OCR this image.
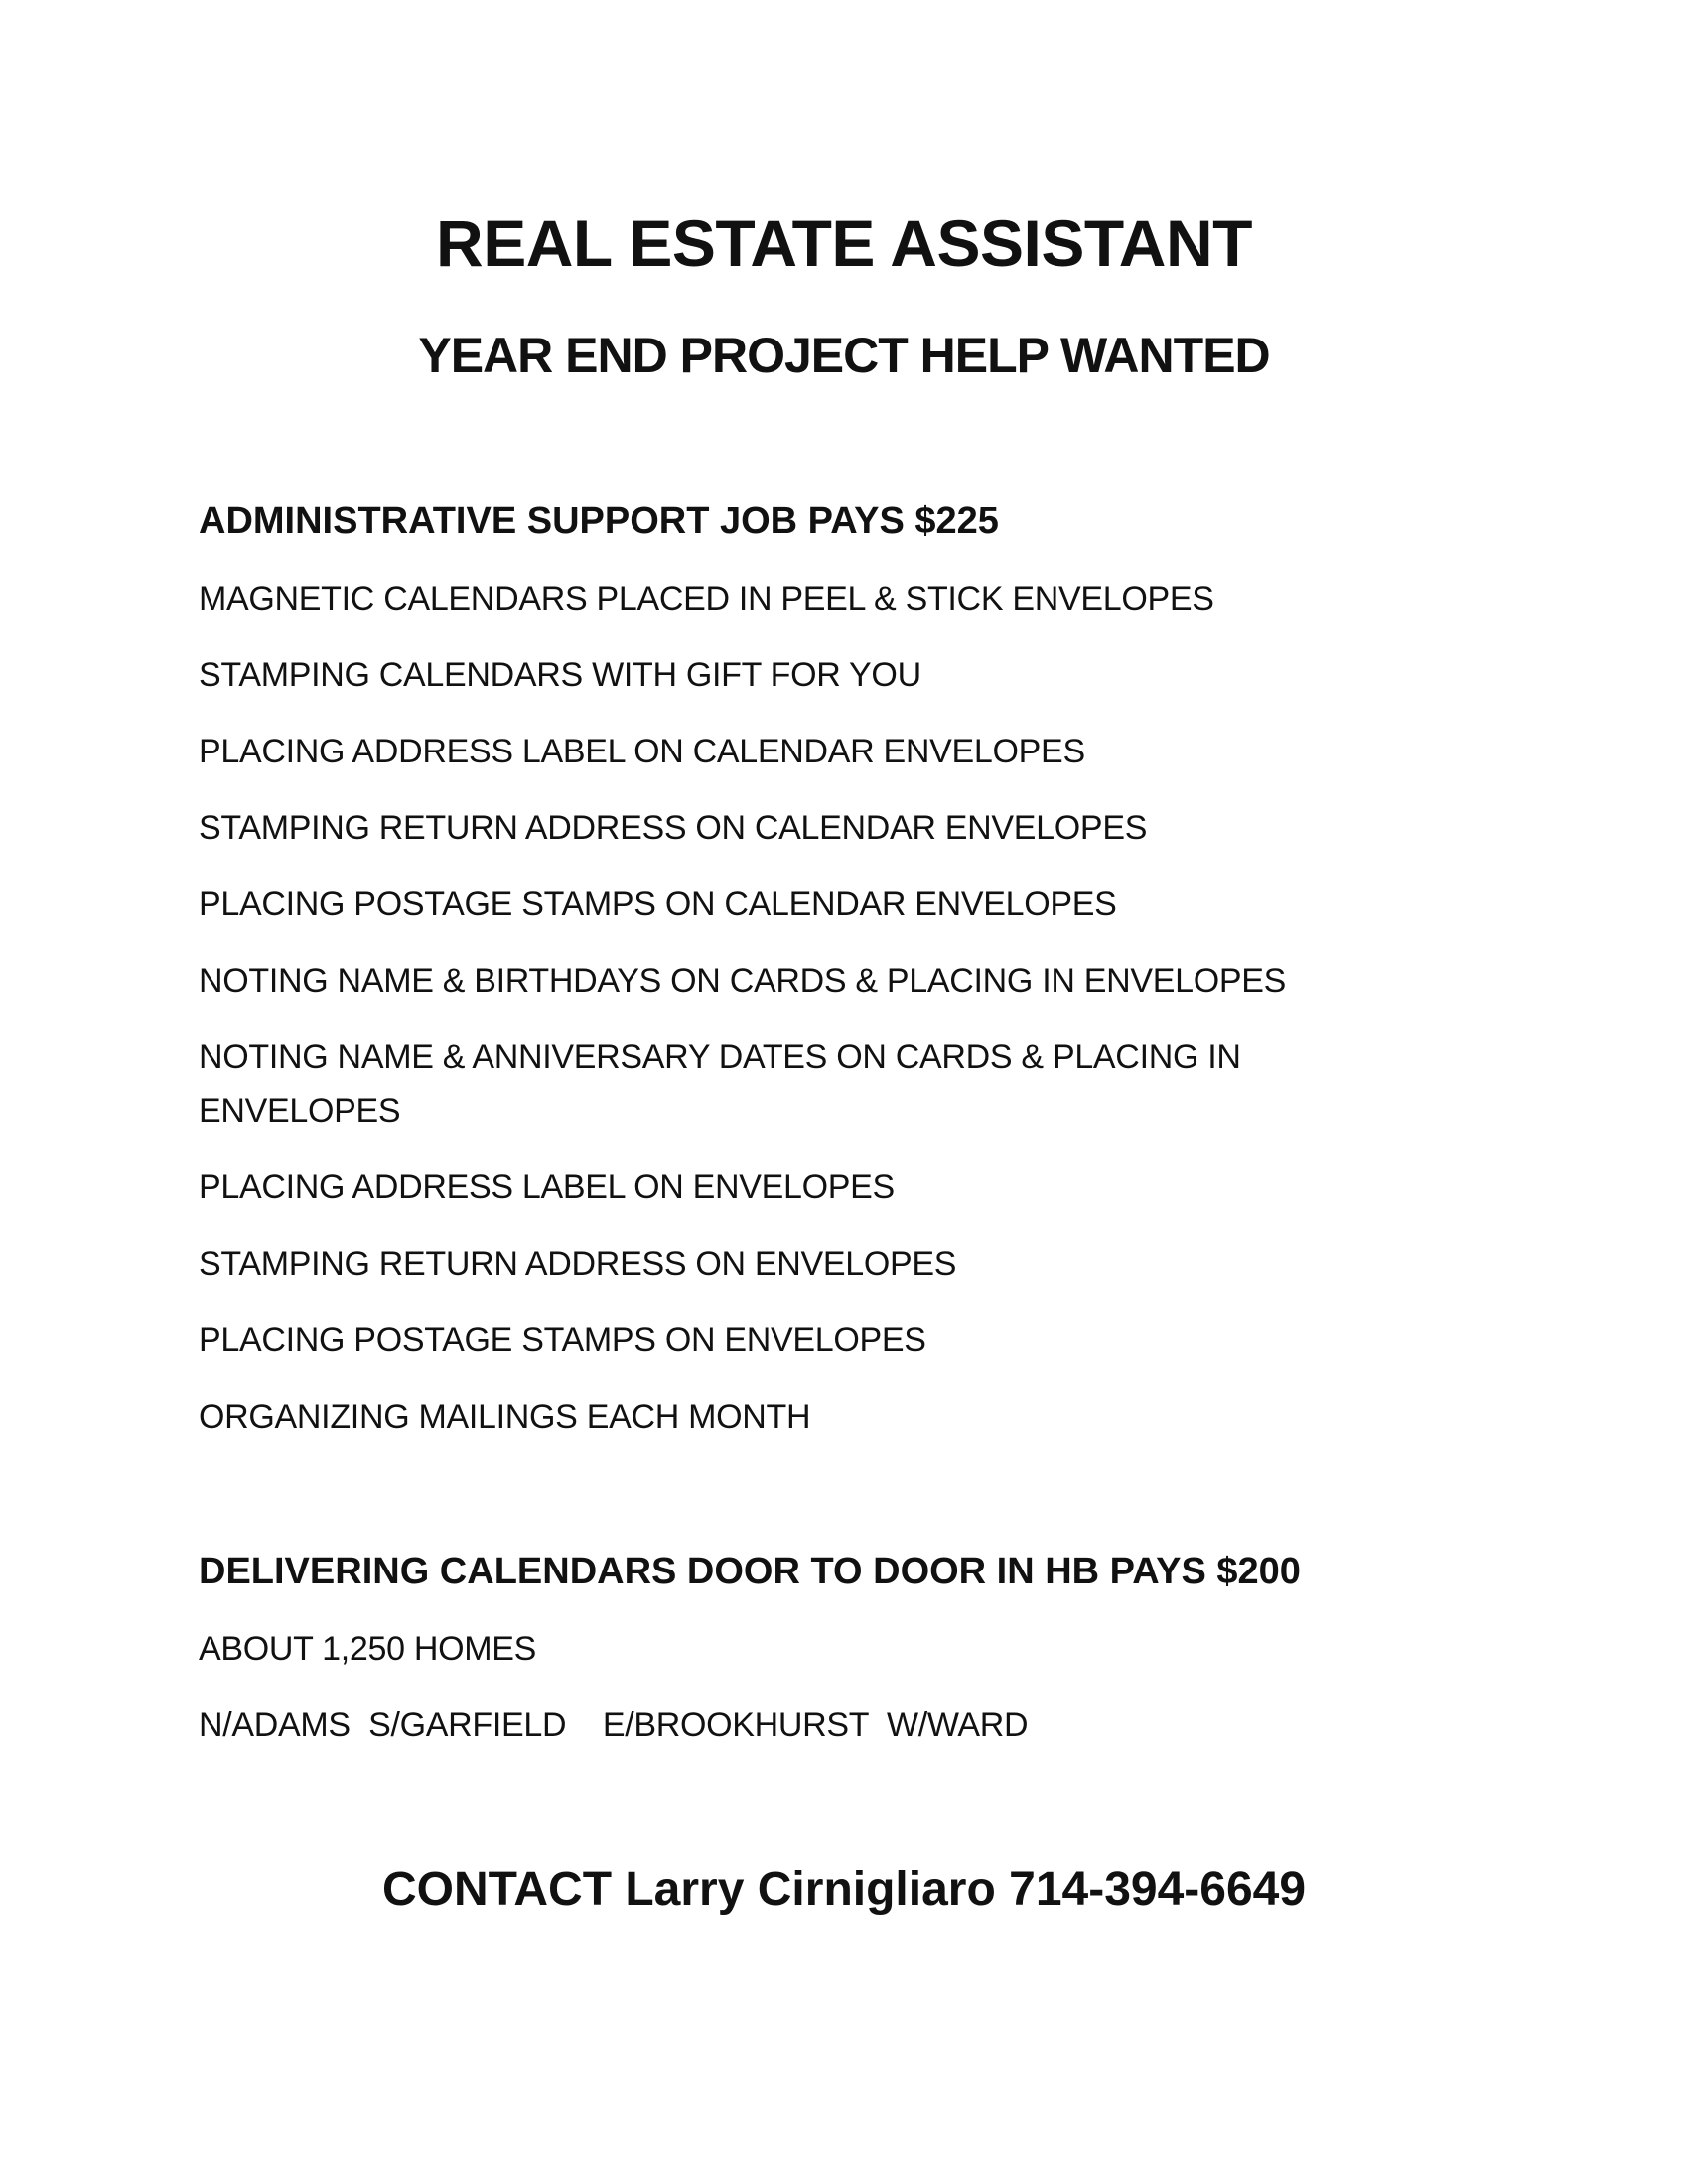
REAL ESTATE ASSISTANT
YEAR END PROJECT HELP WANTED
ADMINISTRATIVE SUPPORT JOB PAYS $225
MAGNETIC CALENDARS PLACED IN PEEL & STICK ENVELOPES
STAMPING CALENDARS WITH GIFT FOR YOU
PLACING ADDRESS LABEL ON CALENDAR ENVELOPES
STAMPING RETURN ADDRESS ON CALENDAR ENVELOPES
PLACING POSTAGE STAMPS ON CALENDAR ENVELOPES
NOTING NAME & BIRTHDAYS ON CARDS & PLACING IN ENVELOPES
NOTING NAME & ANNIVERSARY DATES ON CARDS & PLACING IN ENVELOPES
PLACING ADDRESS LABEL ON ENVELOPES
STAMPING RETURN ADDRESS ON ENVELOPES
PLACING POSTAGE STAMPS ON ENVELOPES
ORGANIZING MAILINGS EACH MONTH
DELIVERING CALENDARS DOOR TO DOOR IN HB PAYS $200
ABOUT 1,250 HOMES
N/ADAMS  S/GARFIELD    E/BROOKHURST  W/WARD
CONTACT Larry Cirnigliaro 714-394-6649
